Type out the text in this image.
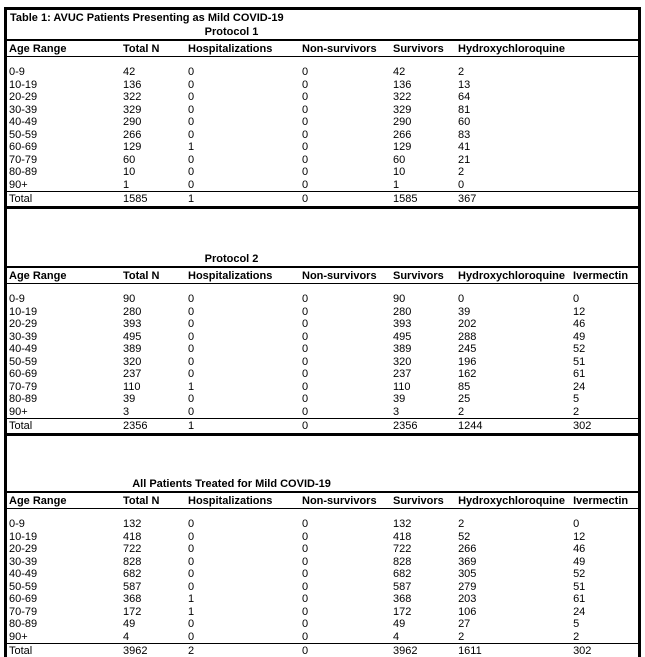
Table 1: AVUC Patients Presenting as Mild COVID-19
Protocol 1						
Age Range	Total N	Hospitalizations	Non-survivors	Survivors	Hydroxychloroquine	

0-9	42	0	0	42	2	
10-19	136	0	0	136	13	
20-29	322	0	0	322	64	
30-39	329	0	0	329	81	
40-49	290	0	0	290	60	
50-59	266	0	0	266	83	
60-69	129	1	0	129	41	
70-79	60	0	0	60	21	
80-89	10	0	0	10	2	
90+	1	0	0	1	0	
Total	1585	1	0	1585	367	
Protocol 2						
Age Range	Total N	Hospitalizations	Non-survivors	Survivors	Hydroxychloroquine	Ivermectin

0-9	90	0	0	90	0	0
10-19	280	0	0	280	39	12
20-29	393	0	0	393	202	46
30-39	495	0	0	495	288	49
40-49	389	0	0	389	245	52
50-59	320	0	0	320	196	51
60-69	237	0	0	237	162	61
70-79	110	1	0	110	85	24
80-89	39	0	0	39	25	5
90+	3	0	0	3	2	2
Total	2356	1	0	2356	1244	302
All Patients Treated for Mild COVID-19						
Age Range	Total N	Hospitalizations	Non-survivors	Survivors	Hydroxychloroquine	Ivermectin

0-9	132	0	0	132	2	0
10-19	418	0	0	418	52	12
20-29	722	0	0	722	266	46
30-39	828	0	0	828	369	49
40-49	682	0	0	682	305	52
50-59	587	0	0	587	279	51
60-69	368	1	0	368	203	61
70-79	172	1	0	172	106	24
80-89	49	0	0	49	27	5
90+	4	0	0	4	2	2
Total	3962	2	0	3962	1611	302
